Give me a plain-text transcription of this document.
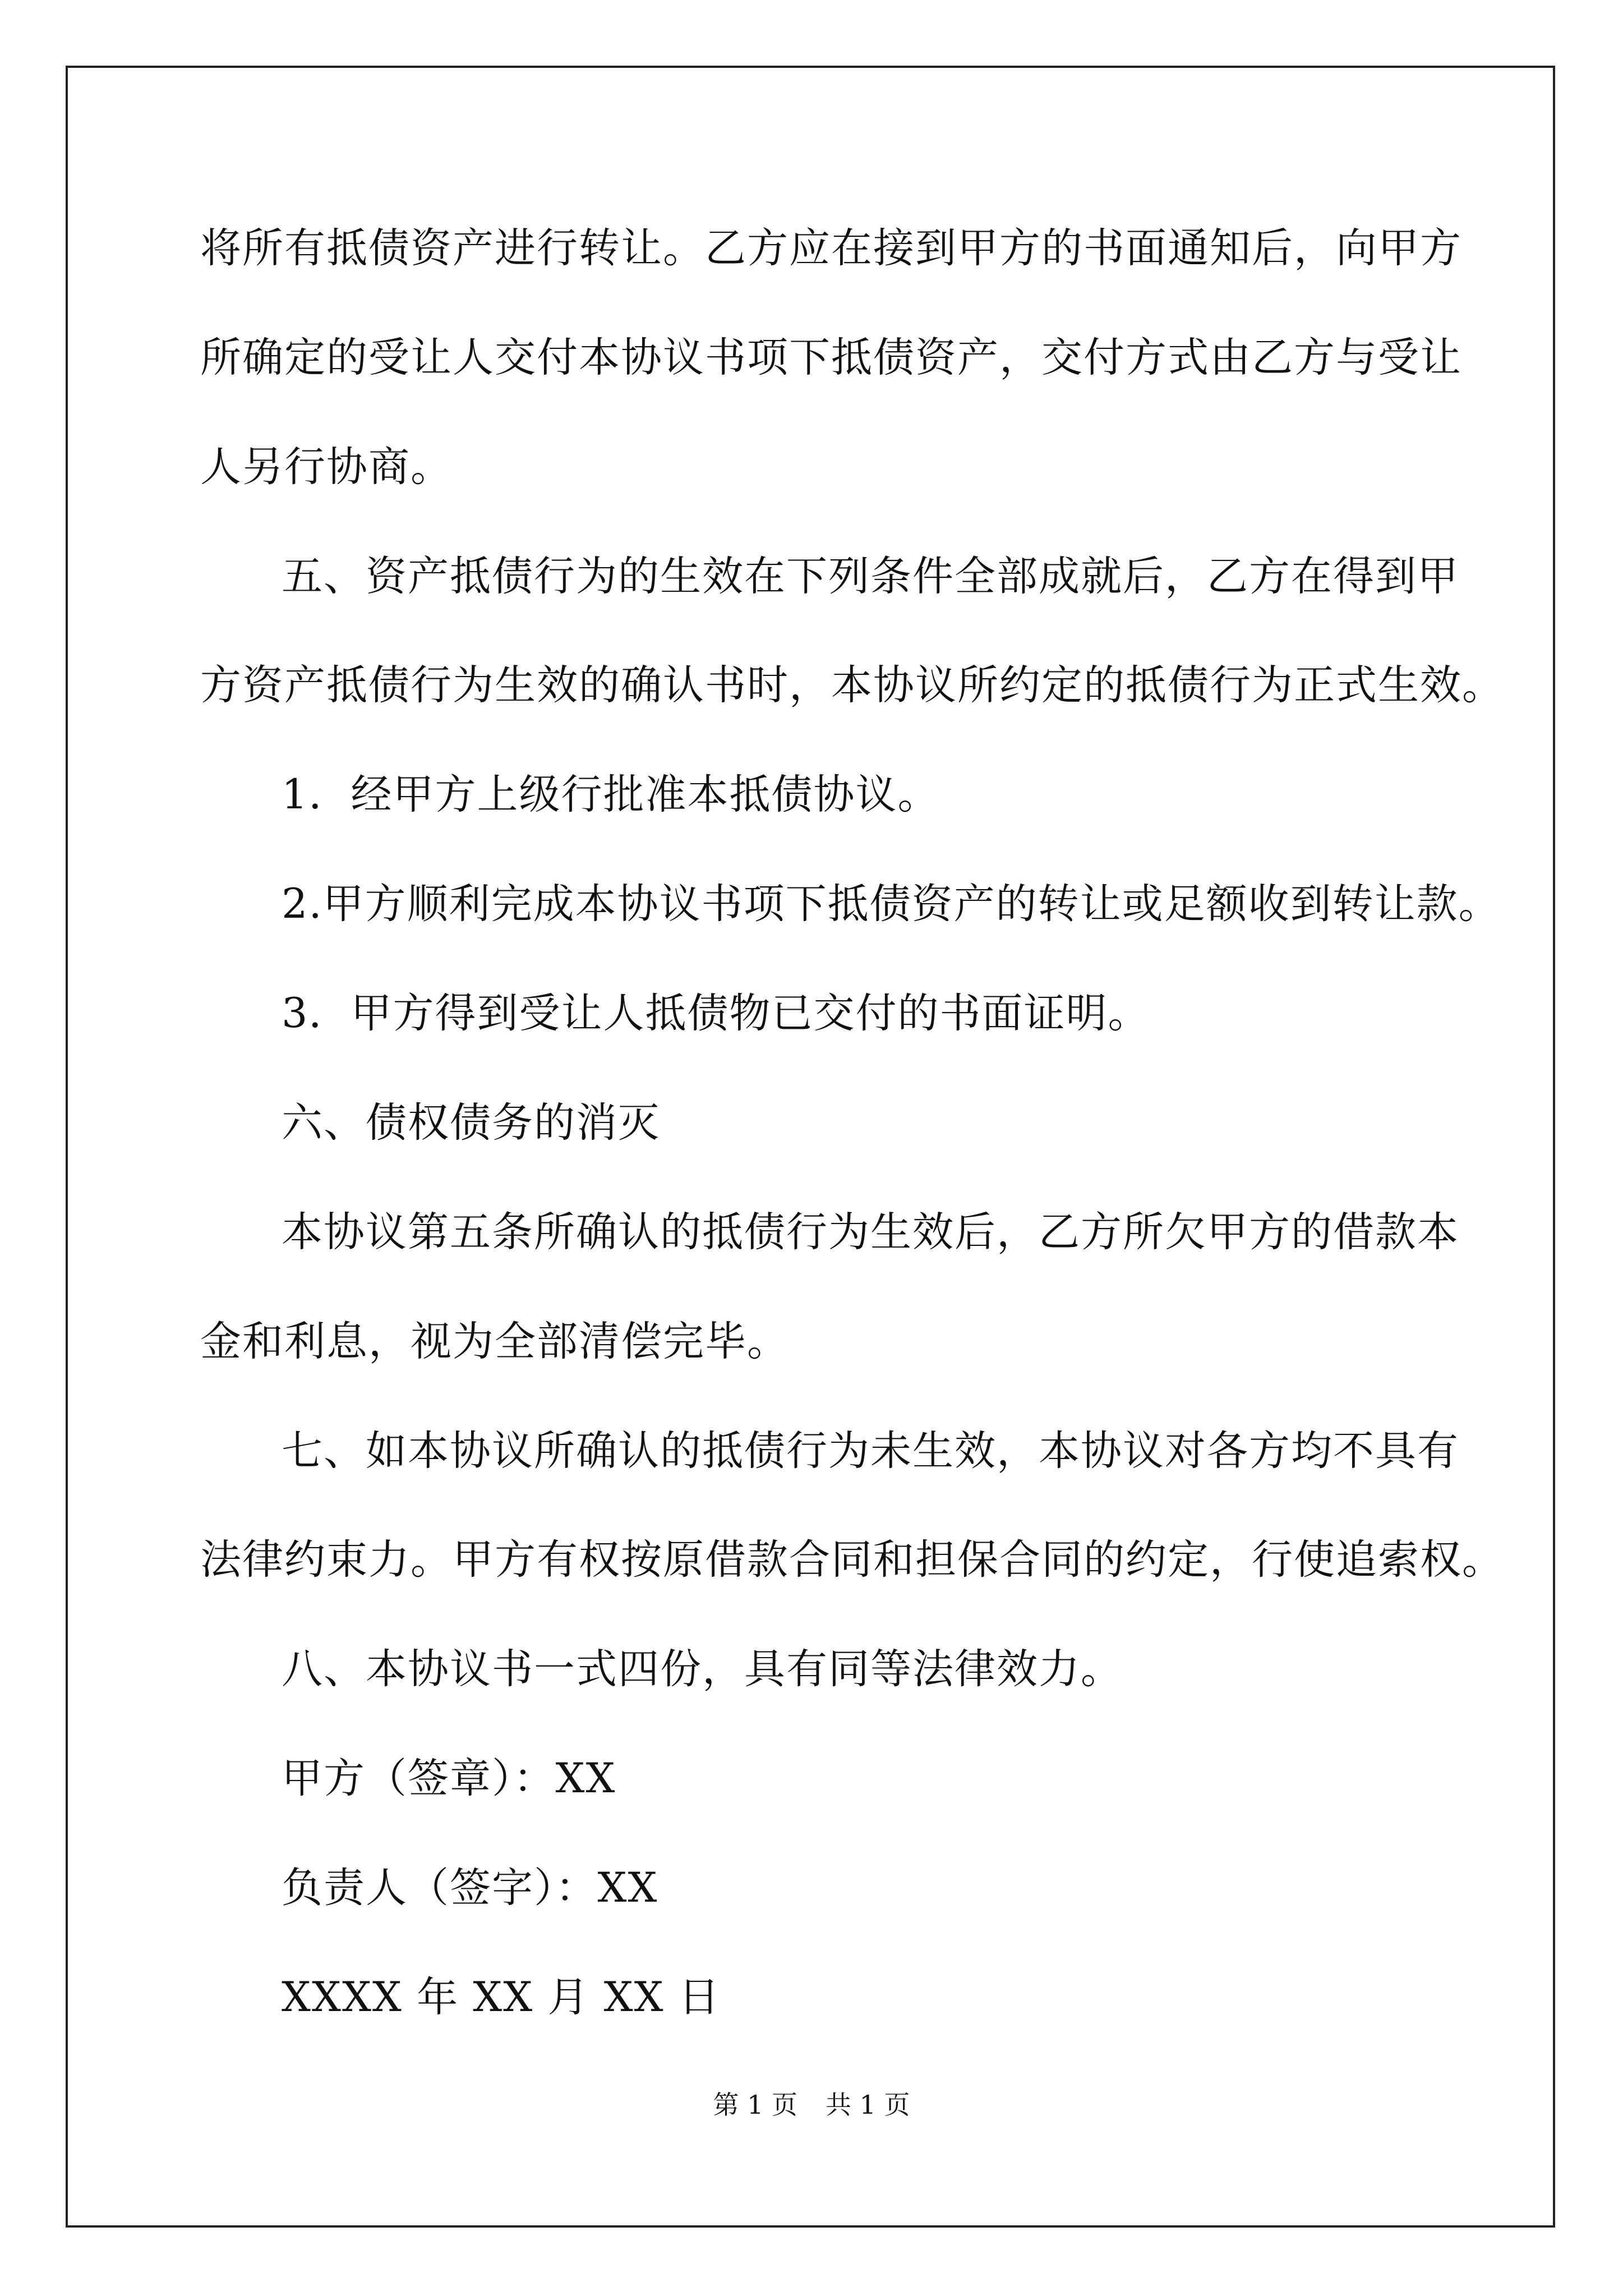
将所有抵债资产进行转让。乙方应在接到甲方的书面通知后，向甲方
所确定的受让人交付本协议书项下抵债资产，交付方式由乙方与受让
人另行协商。
五、资产抵债行为的生效在下列条件全部成就后，乙方在得到甲
方资产抵债行为生效的确认书时，本协议所约定的抵债行为正式生效。
1．经甲方上级行批准本抵债协议。
2.甲方顺利完成本协议书项下抵债资产的转让或足额收到转让款。
3．甲方得到受让人抵债物已交付的书面证明。
六、债权债务的消灭
本协议第五条所确认的抵债行为生效后，乙方所欠甲方的借款本
金和利息，视为全部清偿完毕。
七、如本协议所确认的抵债行为未生效，本协议对各方均不具有
法律约束力。甲方有权按原借款合同和担保合同的约定，行使追索权。
八、本协议书一式四份，具有同等法律效力。
甲方（签章）：XX
负责人（签字）：XX
XXXX 年 XX 月 XX 日
第 1 页 共 1 页
